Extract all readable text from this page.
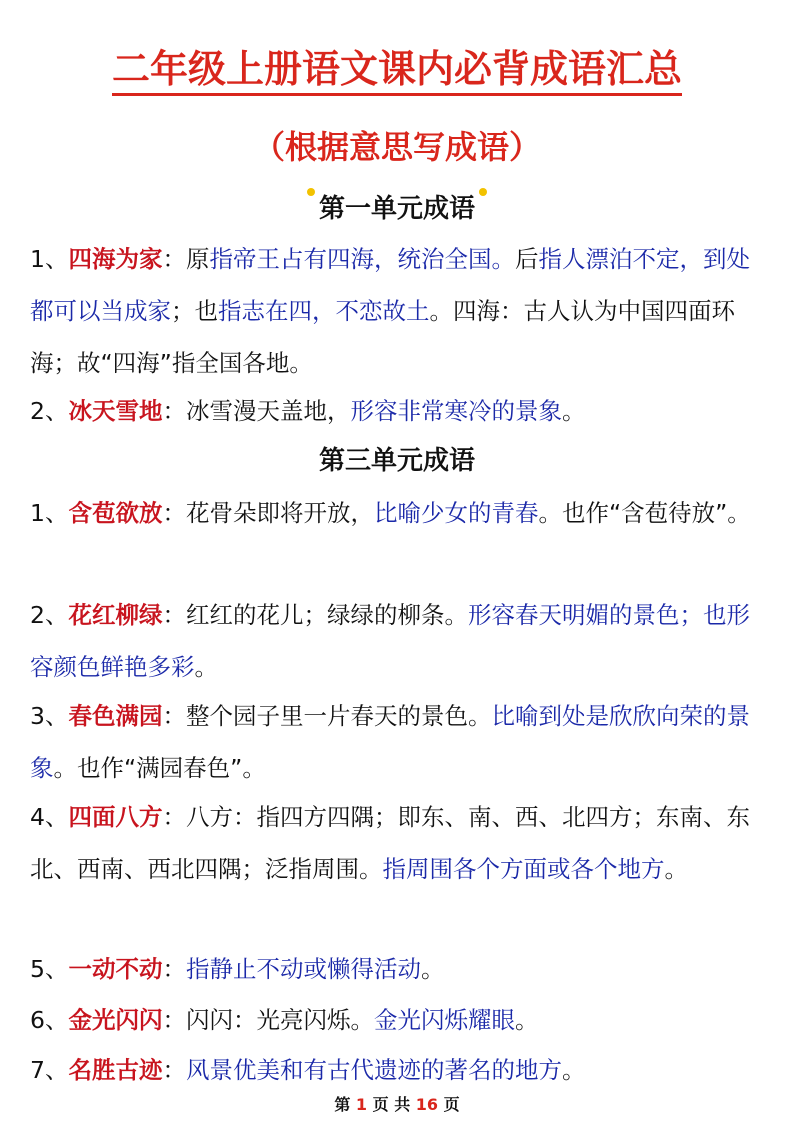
二年级上册语文课内必背成语汇总
（根据意思写成语）
第一单元成语
1、四海为家：原指帝王占有四海，统治全国。后指人漂泊不定，到处都可以当成家；也指志在四，不恋故土。四海：古人认为中国四面环海；故“四海”指全国各地。
2、冰天雪地：冰雪漫天盖地，形容非常寒冷的景象。
第三单元成语
1、含苞欲放：花骨朵即将开放，比喻少女的青春。也作“含苞待放”。
2、花红柳绿：红红的花儿；绿绿的柳条。形容春天明媚的景色；也形容颜色鲜艳多彩。
3、春色满园：整个园子里一片春天的景色。比喻到处是欣欣向荣的景象。也作“满园春色”。
4、四面八方：八方：指四方四隅；即东、南、西、北四方；东南、东北、西南、西北四隅；泛指周围。指周围各个方面或各个地方。
5、一动不动：指静止不动或懒得活动。
6、金光闪闪：闪闪：光亮闪烁。金光闪烁耀眼。
7、名胜古迹：风景优美和有古代遗迹的著名的地方。
第 1 页 共 16 页
